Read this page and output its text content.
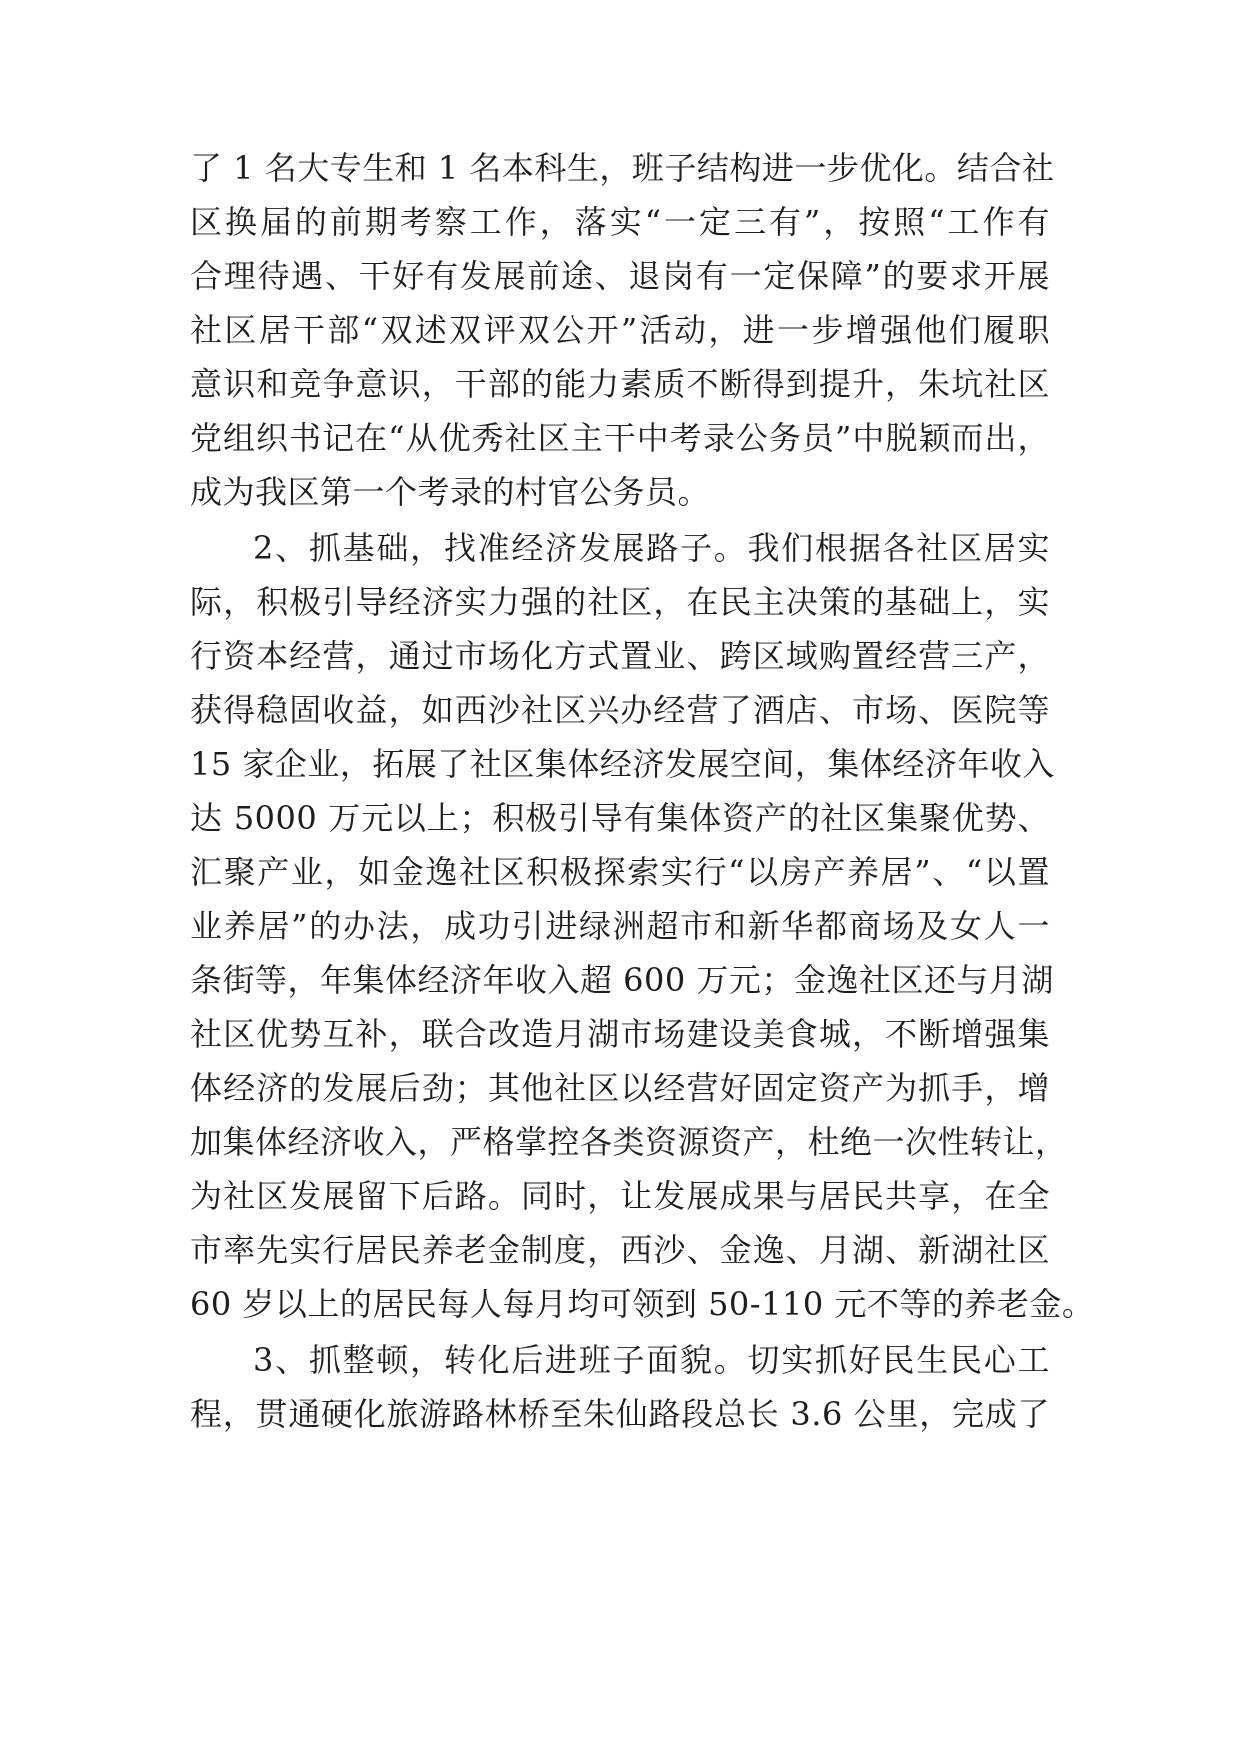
了 1 名大专生和 1 名本科生，班子结构进一步优化。结合社
区换届的前期考察工作，落实“一定三有”，按照“工作有
合理待遇、干好有发展前途、退岗有一定保障”的要求开展
社区居干部“双述双评双公开”活动，进一步增强他们履职
意识和竞争意识，干部的能力素质不断得到提升，朱坑社区
党组织书记在“从优秀社区主干中考录公务员”中脱颖而出，
成为我区第一个考录的村官公务员。
2、抓基础，找准经济发展路子。我们根据各社区居实
际，积极引导经济实力强的社区，在民主决策的基础上，实
行资本经营，通过市场化方式置业、跨区域购置经营三产，
获得稳固收益，如西沙社区兴办经营了酒店、市场、医院等
15 家企业，拓展了社区集体经济发展空间，集体经济年收入
达 5000 万元以上；积极引导有集体资产的社区集聚优势、
汇聚产业，如金逸社区积极探索实行“以房产养居”、“以置
业养居”的办法，成功引进绿洲超市和新华都商场及女人一
条街等，年集体经济年收入超 600 万元；金逸社区还与月湖
社区优势互补，联合改造月湖市场建设美食城，不断增强集
体经济的发展后劲；其他社区以经营好固定资产为抓手，增
加集体经济收入，严格掌控各类资源资产，杜绝一次性转让，
为社区发展留下后路。同时，让发展成果与居民共享，在全
市率先实行居民养老金制度，西沙、金逸、月湖、新湖社区
60 岁以上的居民每人每月均可领到 50-110 元不等的养老金。
3、抓整顿，转化后进班子面貌。切实抓好民生民心工
程，贯通硬化旅游路林桥至朱仙路段总长 3.6 公里，完成了
